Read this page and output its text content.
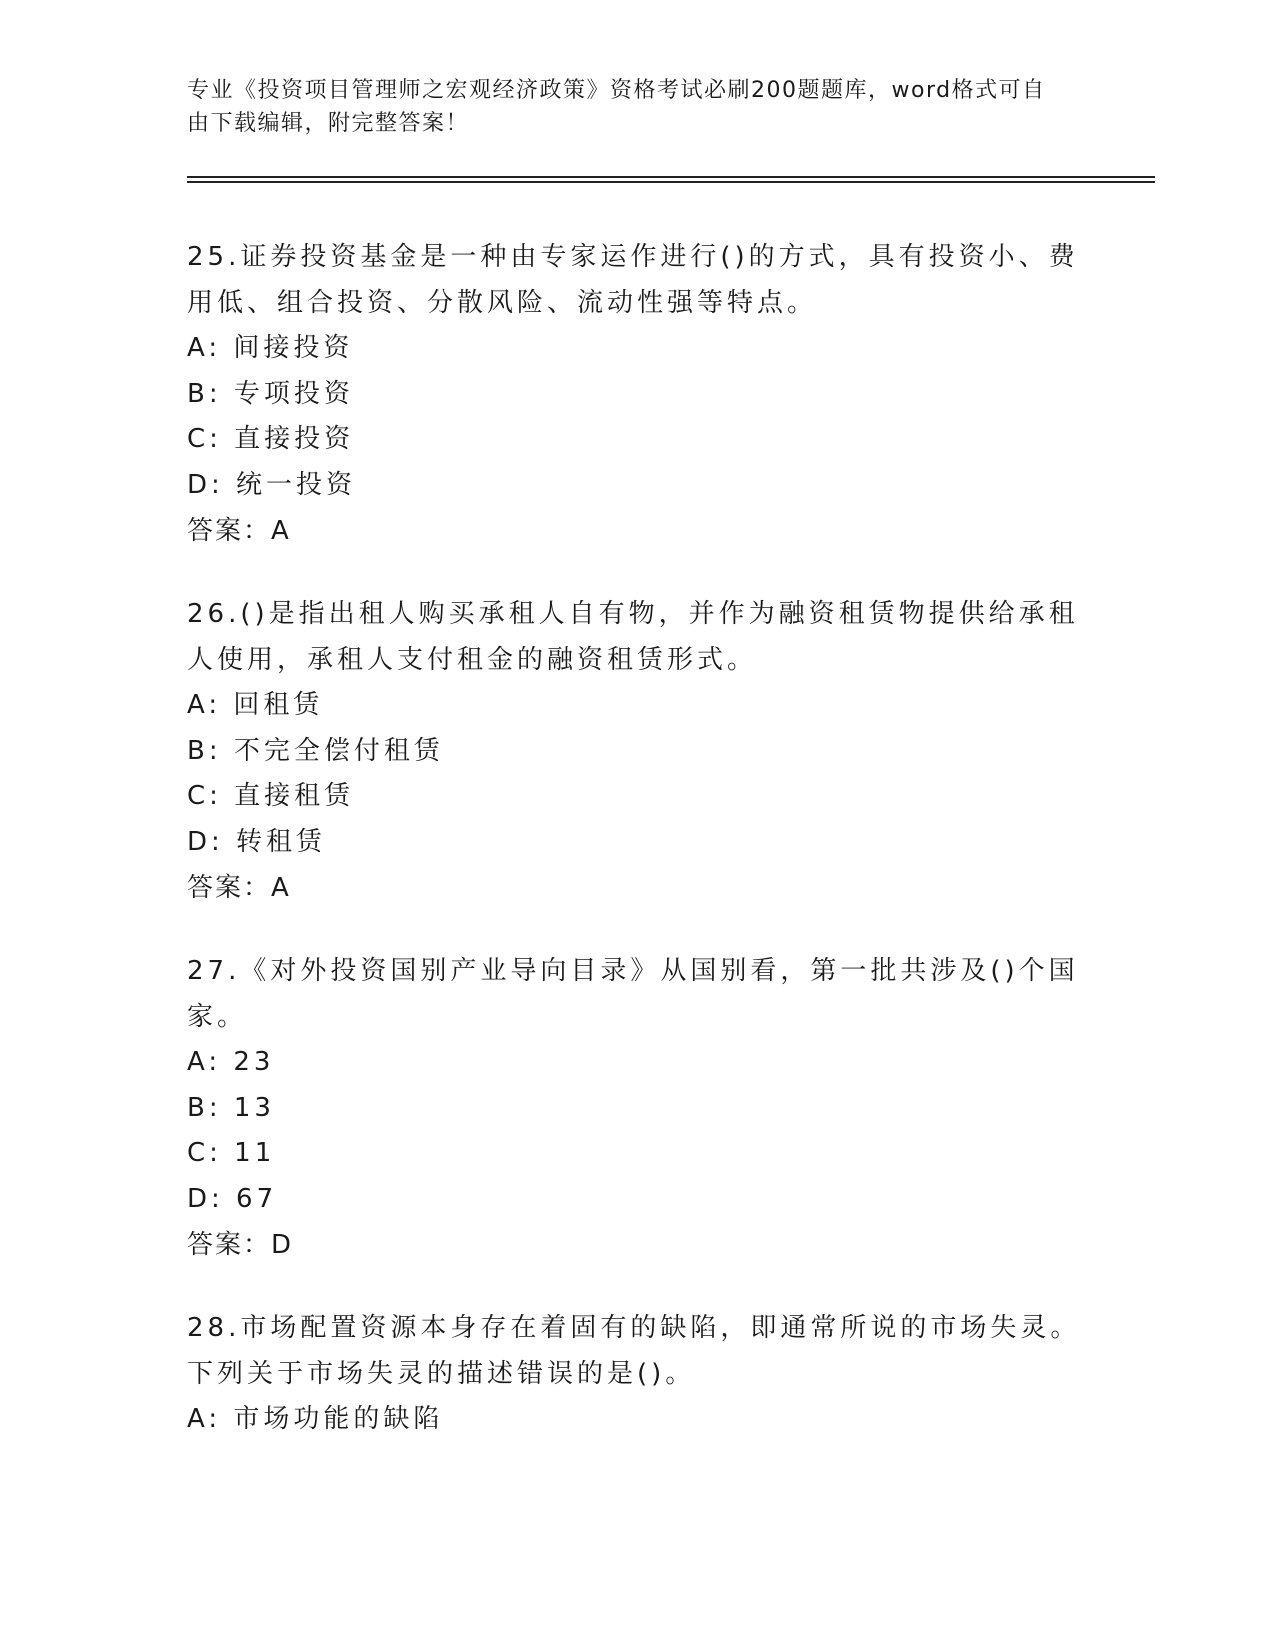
专业《投资项目管理师之宏观经济政策》资格考试必刷200题题库，word格式可自由下载编辑，附完整答案！

25.证券投资基金是一种由专家运作进行()的方式，具有投资小、费用低、组合投资、分散风险、流动性强等特点。

A: 间接投资
B: 专项投资
C: 直接投资
D: 统一投资
答案：A

26.()是指出租人购买承租人自有物，并作为融资租赁物提供给承租人使用，承租人支付租金的融资租赁形式。

A: 回租赁
B: 不完全偿付租赁
C: 直接租赁
D: 转租赁
答案：A

27.《对外投资国别产业导向目录》从国别看，第一批共涉及()个国家。

A: 23
B: 13
C: 11
D: 67
答案：D

28.市场配置资源本身存在着固有的缺陷，即通常所说的市场失灵。下列关于市场失灵的描述错误的是()。

A: 市场功能的缺陷
